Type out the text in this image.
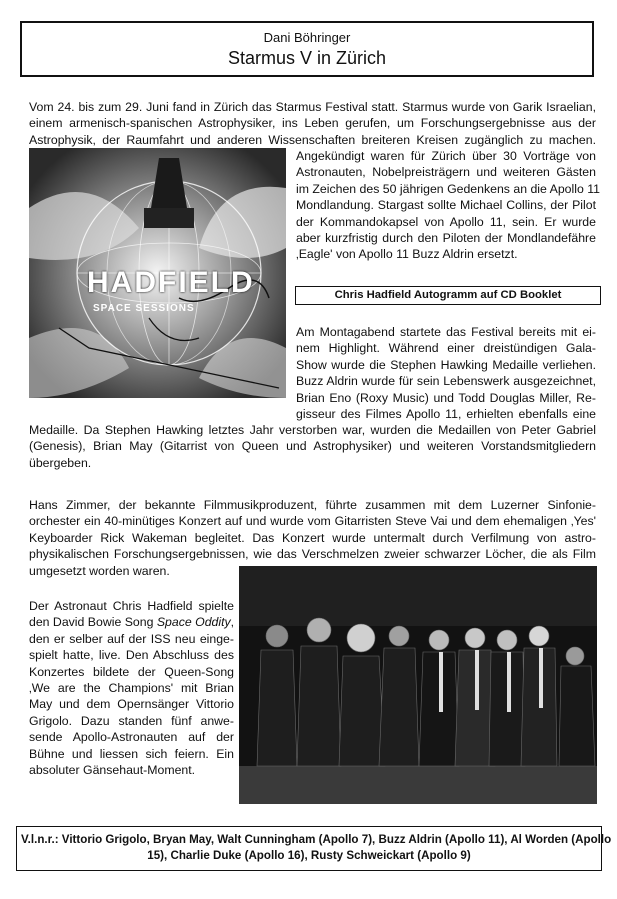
Dani Böhringer
Starmus V in Zürich
Vom 24. bis zum 29. Juni fand in Zürich das Starmus Festival statt. Starmus wurde von Garik Israelian,
einem armenisch-spanischen Astrophysiker, ins Leben gerufen, um Forschungsergebnisse aus der
Astrophysik, der Raumfahrt und anderen Wissenschaften breiteren Kreisen zugänglich zu machen.
Angekündigt waren für Zürich über 30 Vorträge von
Astronauten, Nobelpreisträgern und weiteren Gästen
im Zeichen des 50 jährigen Gedenkens an die Apollo 11
Mondlandung. Stargast sollte Michael Collins, der Pilot
der Kommandokapsel von Apollo 11, sein. Er wurde
aber kurzfristig durch den Piloten der Mondlandefähre
‚Eagle' von Apollo 11 Buzz Aldrin ersetzt.
HADFIELD
SPACE SESSIONS
Chris Hadfield Autogramm auf CD Booklet
Am Montagabend startete das Festival bereits mit ei-
nem Highlight. Während einer dreistündigen Gala-
Show wurde die Stephen Hawking Medaille verliehen.
Buzz Aldrin wurde für sein Lebenswerk ausgezeichnet,
Brian Eno (Roxy Music) und Todd Douglas Miller, Re-
gisseur des Filmes Apollo 11, erhielten ebenfalls eine
Medaille. Da Stephen Hawking letztes Jahr verstorben war, wurden die Medaillen von Peter Gabriel
(Genesis), Brian May (Gitarrist von Queen und Astrophysiker) und weiteren Vorstandsmitgliedern
übergeben.
Hans Zimmer, der bekannte Filmmusikproduzent, führte zusammen mit dem Luzerner Sinfonie-
orchester ein 40-minütiges Konzert auf und wurde vom Gitarristen Steve Vai und dem ehemaligen ‚Yes'
Keyboarder Rick Wakeman begleitet. Das Konzert wurde untermalt durch Verfilmung von astro-
physikalischen Forschungsergebnissen, wie das Verschmelzen zweier schwarzer Löcher, die als Film
umgesetzt worden waren.
Der Astronaut Chris Hadfield spielte
den David Bowie Song Space Oddity,
den er selber auf der ISS neu einge-
spielt hatte, live. Den Abschluss des
Konzertes bildete der Queen-Song
‚We are the Champions' mit Brian
May und dem Opernsänger Vittorio
Grigolo. Dazu standen fünf anwe-
sende Apollo-Astronauten auf der
Bühne und liessen sich feiern. Ein
absoluter Gänsehaut-Moment.
V.l.n.r.: Vittorio Grigolo, Bryan May, Walt Cunningham (Apollo 7), Buzz Aldrin (Apollo 11), Al Worden (Apollo
15), Charlie Duke (Apollo 16), Rusty Schweickart (Apollo 9)
